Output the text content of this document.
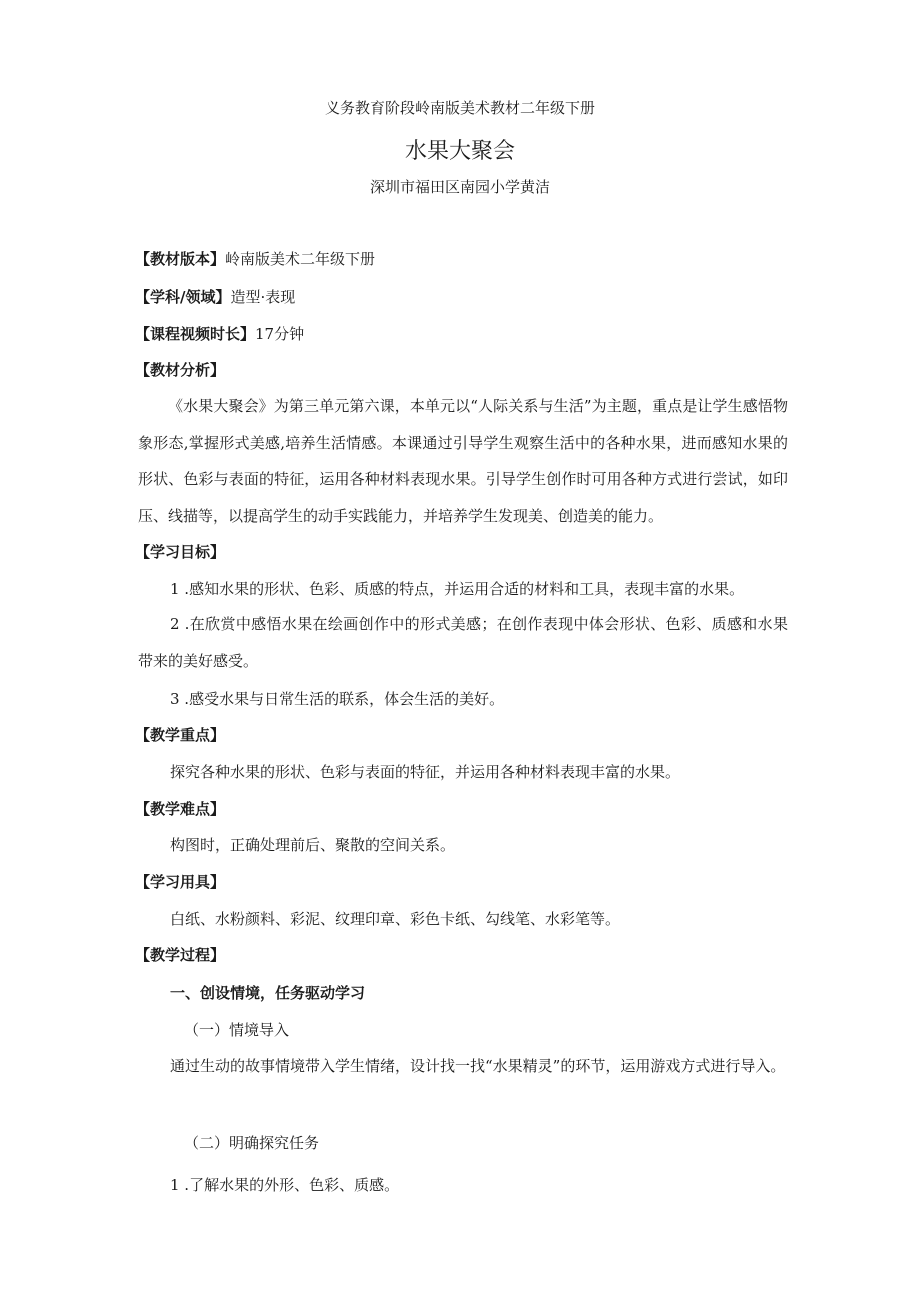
义务教育阶段岭南版美术教材二年级下册
水果大聚会
深圳市福田区南园小学黄洁
【教材版本】岭南版美术二年级下册
【学科/领域】造型·表现
【课程视频时长】17分钟
【教材分析】
《水果大聚会》为第三单元第六课，本单元以“人际关系与生活”为主题，重点是让学生感悟物象形态,掌握形式美感,培养生活情感。本课通过引导学生观察生活中的各种水果，进而感知水果的形状、色彩与表面的特征，运用各种材料表现水果。引导学生创作时可用各种方式进行尝试，如印压、线描等，以提高学生的动手实践能力，并培养学生发现美、创造美的能力。
【学习目标】
1 .感知水果的形状、色彩、质感的特点，并运用合适的材料和工具，表现丰富的水果。
2 .在欣赏中感悟水果在绘画创作中的形式美感；在创作表现中体会形状、色彩、质感和水果带来的美好感受。
3 .感受水果与日常生活的联系，体会生活的美好。
【教学重点】
探究各种水果的形状、色彩与表面的特征，并运用各种材料表现丰富的水果。
【教学难点】
构图时，正确处理前后、聚散的空间关系。
【学习用具】
白纸、水粉颜料、彩泥、纹理印章、彩色卡纸、勾线笔、水彩笔等。
【教学过程】
一、创设情境，任务驱动学习
（一）情境导入
通过生动的故事情境带入学生情绪，设计找一找“水果精灵”的环节，运用游戏方式进行导入。
（二）明确探究任务
1 .了解水果的外形、色彩、质感。
